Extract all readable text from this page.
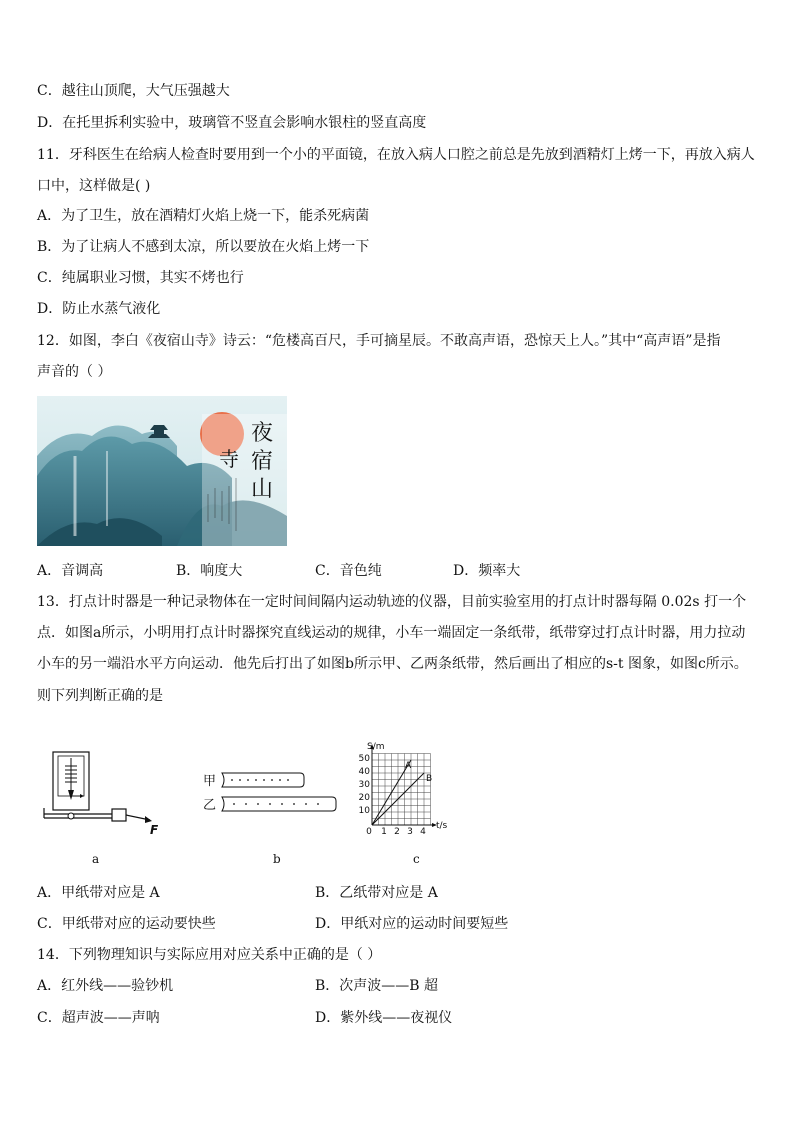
C．越往山顶爬，大气压强越大
D．在托里拆利实验中，玻璃管不竖直会影响水银柱的竖直高度
11．牙科医生在给病人检查时要用到一个小的平面镜，在放入病人口腔之前总是先放到酒精灯上烤一下，再放入病人
口中，这样做是( )
A．为了卫生，放在酒精灯火焰上烧一下，能杀死病菌
B．为了让病人不感到太凉，所以要放在火焰上烤一下
C．纯属职业习惯，其实不烤也行
D．防止水蒸气液化
12．如图，李白《夜宿山寺》诗云：“危楼高百尺，手可摘星辰。不敢高声语，恐惊天上人。”其中“高声语”是指
声音的（ ）
夜
宿
山
寺
A．音调高	B．响度大	C．音色纯	D．频率大
13．打点计时器是一种记录物体在一定时间间隔内运动轨迹的仪器，目前实验室用的打点计时器每隔 0.02s 打一个
点．如图a所示，小明用打点计时器探究直线运动的规律，小车一端固定一条纸带，纸带穿过打点计时器，用力拉动
小车的另一端沿水平方向运动．他先后打出了如图b所示甲、乙两条纸带，然后画出了相应的s-t 图象，如图c所示。
则下列判断正确的是
F
a
甲
乙
b
S/m
t/s
10
20
30
40
50
0 1 2 3 4
A
B
c
A．甲纸带对应是 A	B．乙纸带对应是 A
C．甲纸带对应的运动要快些	D．甲纸对应的运动时间要短些
14．下列物理知识与实际应用对应关系中正确的是（ ）
A．红外线——验钞机	B．次声波——B 超
C．超声波——声呐	D．紫外线——夜视仪
